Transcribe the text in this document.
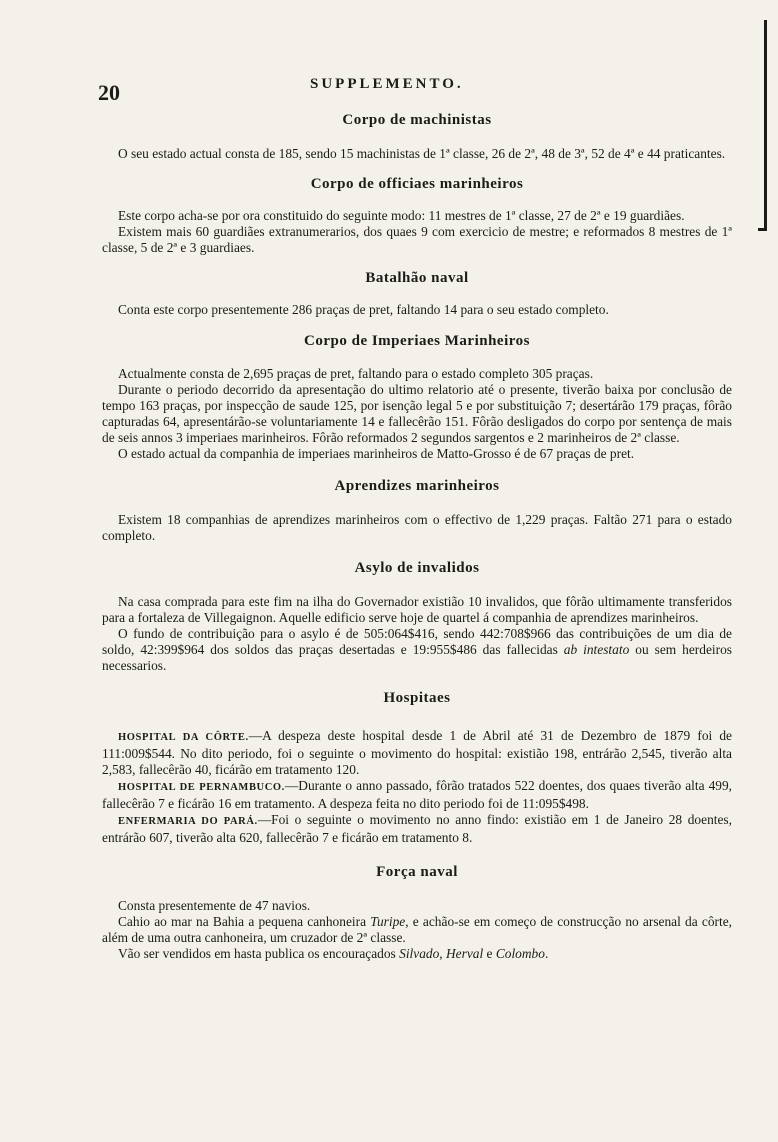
20	SUPPLEMENTO.
Corpo de machinistas

O seu estado actual consta de 185, sendo 15 machinistas de 1ª classe, 26 de 2ª, 48 de 3ª, 52 de 4ª e 44 praticantes.

Corpo de officiaes marinheiros

Este corpo acha-se por ora constituido do seguinte modo: 11 mestres de 1ª classe, 27 de 2ª e 19 guardiães.

Existem mais 60 guardiães extranumerarios, dos quaes 9 com exercicio de mestre; e reformados 8 mestres de 1ª classe, 5 de 2ª e 3 guardiaes.

Batalhão naval

Conta este corpo presentemente 286 praças de pret, faltando 14 para o seu estado completo.

Corpo de Imperiaes Marinheiros

Actualmente consta de 2,695 praças de pret, faltando para o estado completo 305 praças.

Durante o periodo decorrido da apresentação do ultimo relatorio até o presente, tiverão baixa por conclusão de tempo 163 praças, por inspecção de saude 125, por isenção legal 5 e por substituição 7; desertárão 179 praças, fôrão capturadas 64, apresentárão-se voluntariamente 14 e fallecêrão 151. Fôrão desligados do corpo por sentença de mais de seis annos 3 imperiaes marinheiros. Fôrão reformados 2 segundos sargentos e 2 marinheiros de 2ª classe.

O estado actual da companhia de imperiaes marinheiros de Matto-Grosso é de 67 praças de pret.

Aprendizes marinheiros

Existem 18 companhias de aprendizes marinheiros com o effectivo de 1,229 praças. Faltão 271 para o estado completo.

Asylo de invalidos

Na casa comprada para este fim na ilha do Governador existião 10 invalidos, que fôrão ultimamente transferidos para a fortaleza de Villegaignon. Aquelle edificio serve hoje de quartel á companhia de aprendizes marinheiros.

O fundo de contribuição para o asylo é de 505:064$416, sendo 442:708$966 das contribuições de um dia de soldo, 42:399$964 dos soldos das praças desertadas e 19:955$486 das fallecidas ab intestato ou sem herdeiros necessarios.

Hospitaes

HOSPITAL DA CÔRTE.—A despeza deste hospital desde 1 de Abril até 31 de Dezembro de 1879 foi de 111:009$544. No dito periodo, foi o seguinte o movimento do hospital: existião 198, entrárão 2,545, tiverão alta 2,583, fallecêrão 40, ficárão em tratamento 120.

HOSPITAL DE PERNAMBUCO.—Durante o anno passado, fôrão tratados 522 doentes, dos quaes tiverão alta 499, fallecêrão 7 e ficárão 16 em tratamento. A despeza feita no dito periodo foi de 11:095$498.

ENFERMARIA DO PARÁ.—Foi o seguinte o movimento no anno findo: existião em 1 de Janeiro 28 doentes, entrárão 607, tiverão alta 620, fallecêrão 7 e ficárão em tratamento 8.

Força naval

Consta presentemente de 47 navios.

Cahio ao mar na Bahia a pequena canhoneira Turipe, e achão-se em começo de construcção no arsenal da côrte, além de uma outra canhoneira, um cruzador de 2ª classe.

Vão ser vendidos em hasta publica os encouraçados Silvado, Herval e Colombo.
